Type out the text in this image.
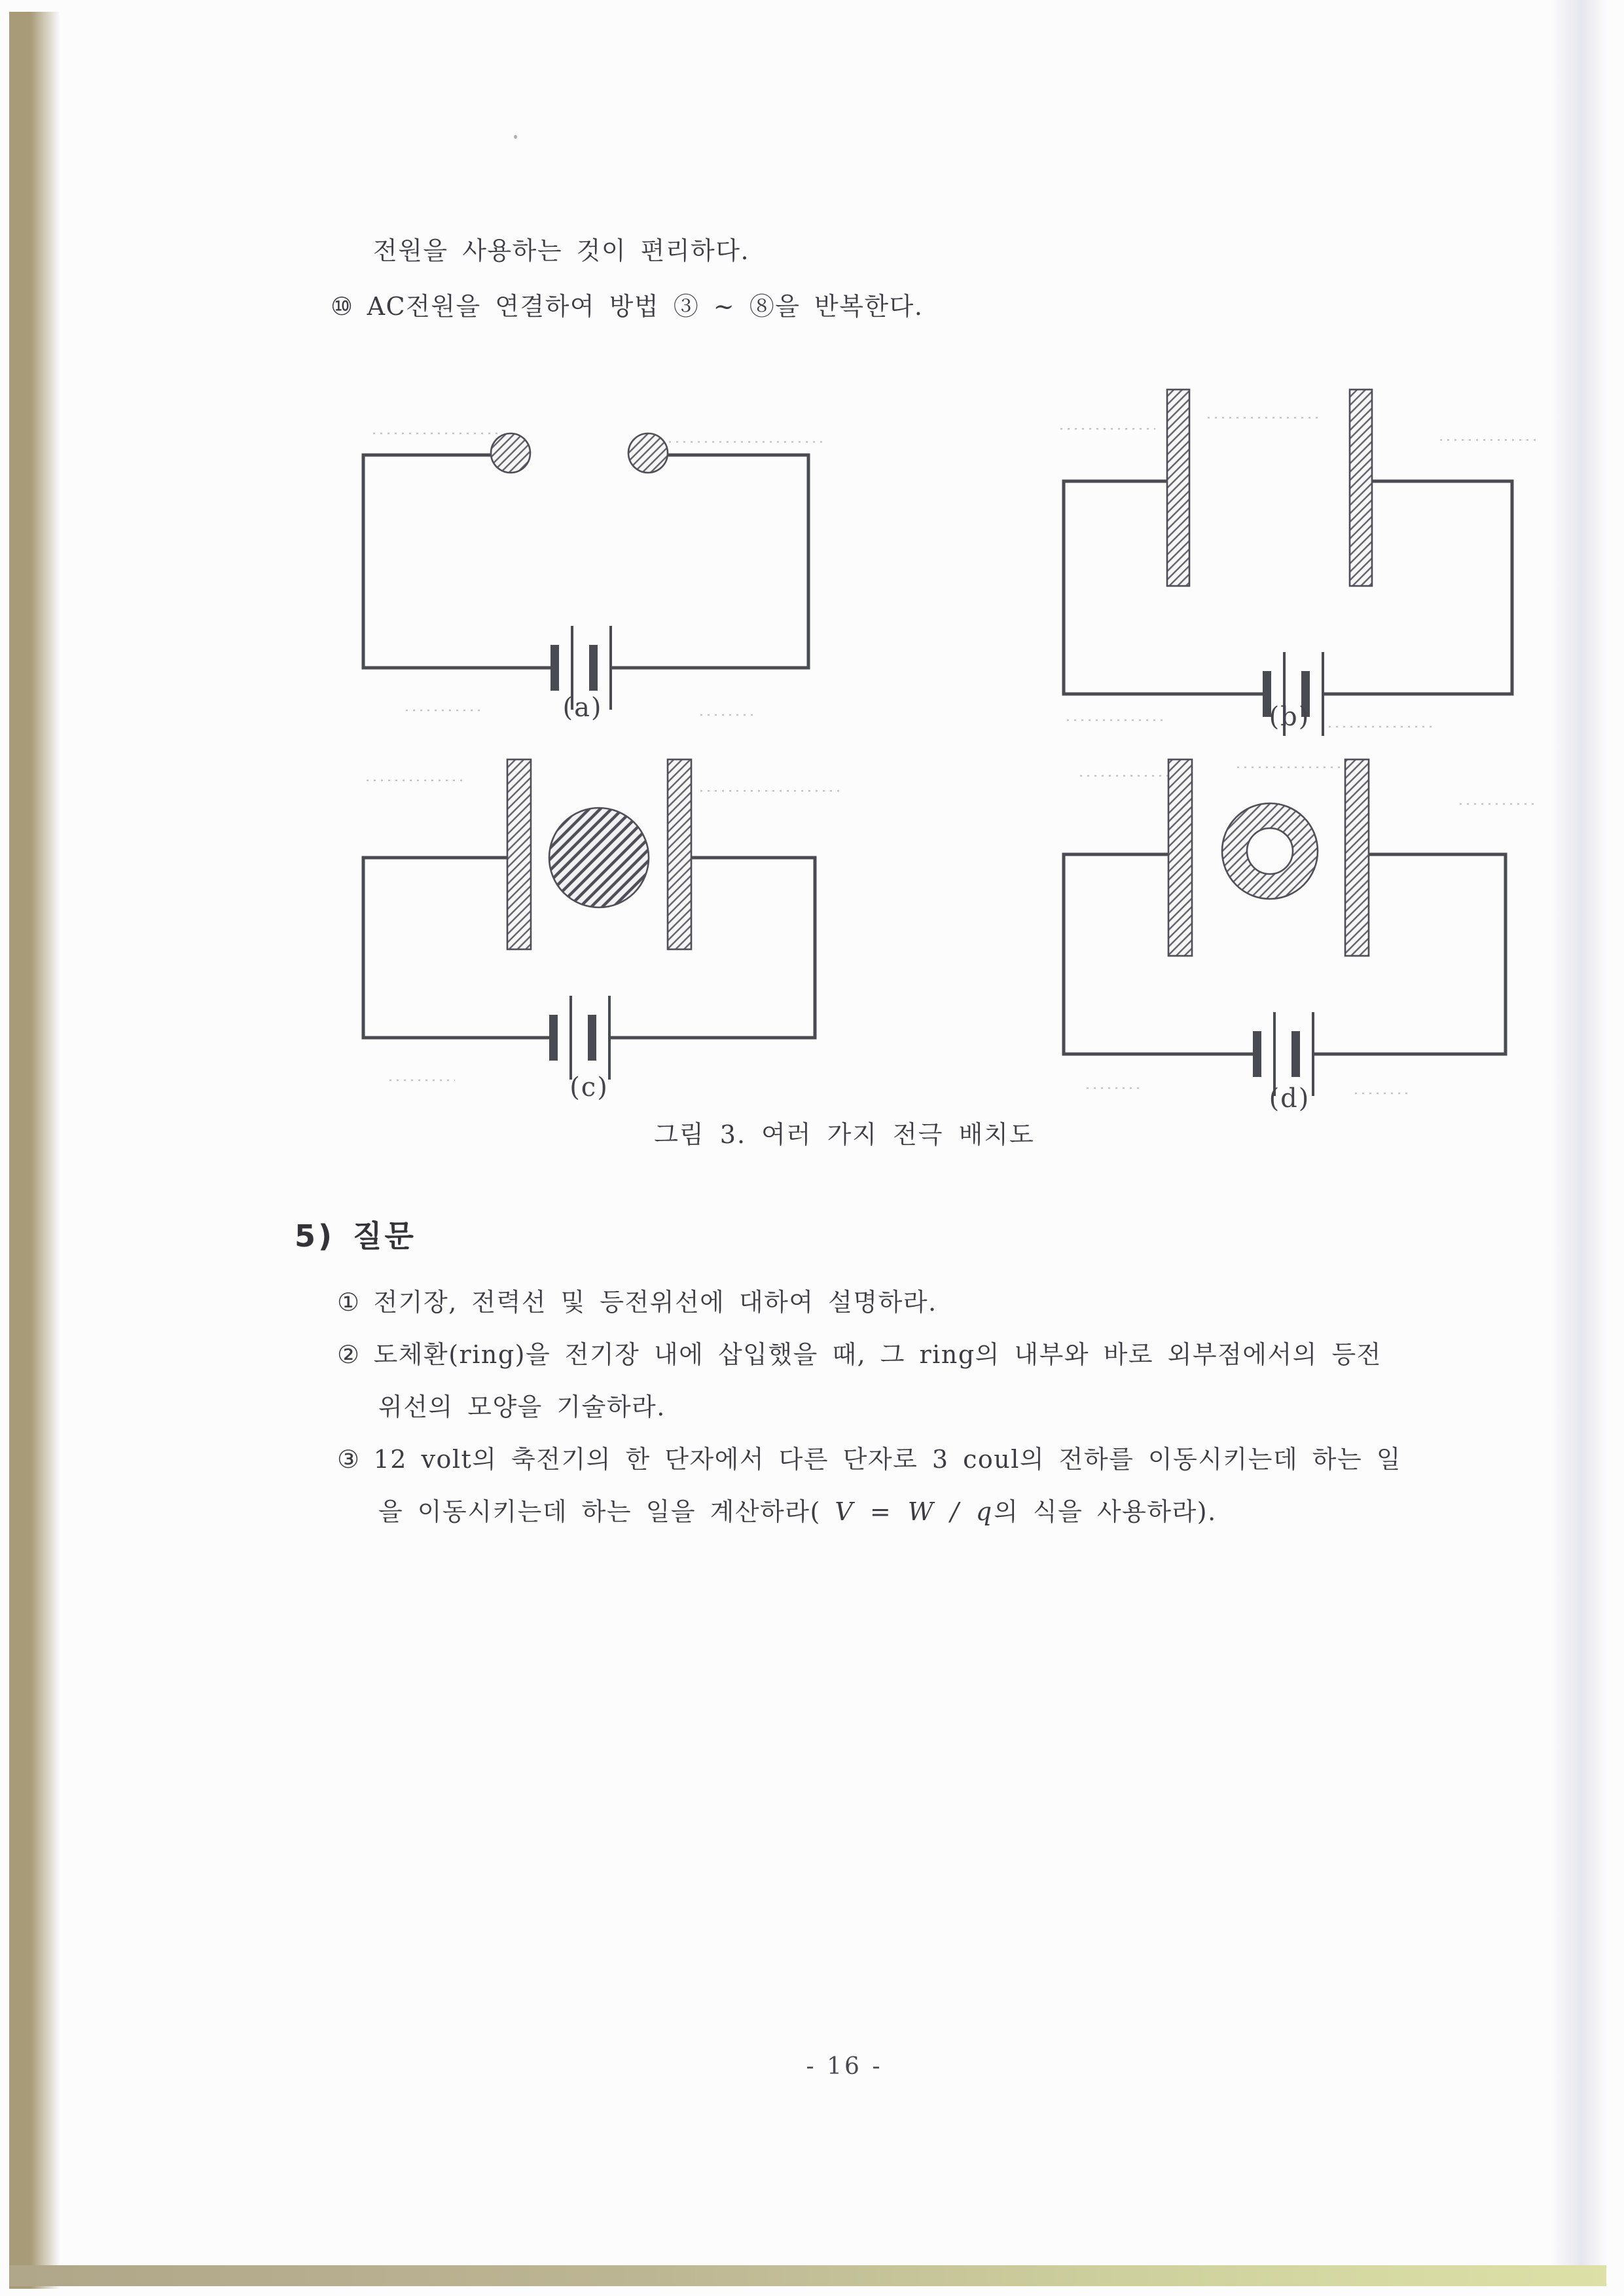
전원을 사용하는 것이 편리하다.
⑩ AC전원을 연결하여 방법 ③ ~ ⑧을 반복한다.
(a)	(b)
(c)	(d)
그림 3. 여러 가지 전극 배치도
5) 질문
① 전기장, 전력선 및 등전위선에 대하여 설명하라.
② 도체환(ring)을 전기장 내에 삽입했을 때, 그 ring의 내부와 바로 외부점에서의 등전
위선의 모양을 기술하라.
③ 12 volt의 축전기의 한 단자에서 다른 단자로 3 coul의 전하를 이동시키는데 하는 일
을 이동시키는데 하는 일을 계산하라( V = W / q의 식을 사용하라).
- 16 -
